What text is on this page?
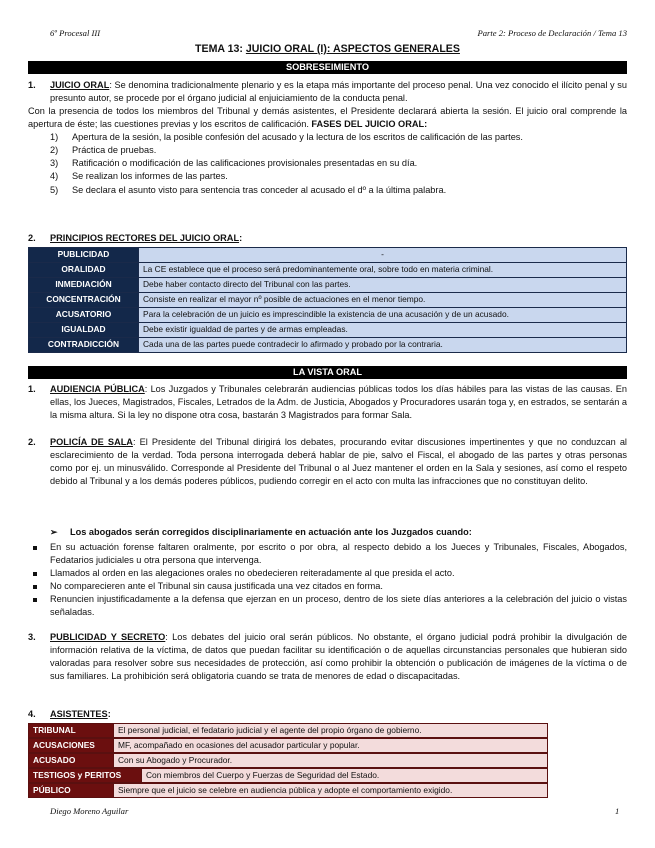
6º Procesal III	Parte 2: Proceso de Declaración / Tema 13
TEMA 13: JUICIO ORAL (I): ASPECTOS GENERALES
SOBRESEIMIENTO
1.	JUICIO ORAL: Se denomina tradicionalmente plenario y es la etapa más importante del proceso penal. Una vez conocido el ilícito penal y su presunto autor, se procede por el órgano judicial al enjuiciamiento de la conducta penal.
Con la presencia de todos los miembros del Tribunal y demás asistentes, el Presidente declarará abierta la sesión. El juicio oral comprende la apertura de éste; las cuestiones previas y los escritos de calificación. FASES DEL JUICIO ORAL:
1) Apertura de la sesión, la posible confesión del acusado y la lectura de los escritos de calificación de las partes.
2) Práctica de pruebas.
3) Ratificación o modificación de las calificaciones provisionales presentadas en su día.
4) Se realizan los informes de las partes.
5) Se declara el asunto visto para sentencia tras conceder al acusado el dº a la última palabra.
2.	PRINCIPIOS RECTORES DEL JUICIO ORAL:
PUBLICIDAD	-
ORALIDAD	La CE establece que el proceso será predominantemente oral, sobre todo en materia criminal.
INMEDIACIÓN	Debe haber contacto directo del Tribunal con las partes.
CONCENTRACIÓN	Consiste en realizar el mayor nº posible de actuaciones en el menor tiempo.
ACUSATORIO	Para la celebración de un juicio es imprescindible la existencia de una acusación y de un acusado.
IGUALDAD	Debe existir igualdad de partes y de armas empleadas.
CONTRADICCIÓN	Cada una de las partes puede contradecir lo afirmado y probado por la contraria.
LA VISTA ORAL
1.	AUDIENCIA PÚBLICA: Los Juzgados y Tribunales celebrarán audiencias públicas todos los días hábiles para las vistas de las causas. En ellas, los Jueces, Magistrados, Fiscales, Letrados de la Adm. de Justicia, Abogados y Procuradores usarán toga y, en estrados, se sentarán a la misma altura. Si la ley no dispone otra cosa, bastarán 3 Magistrados para formar Sala.
2.	POLICÍA DE SALA: El Presidente del Tribunal dirigirá los debates, procurando evitar discusiones impertinentes y que no conduzcan al esclarecimiento de la verdad. Toda persona interrogada deberá hablar de pie, salvo el Fiscal, el abogado de las partes y otras personas como por ej. un minusválido. Corresponde al Presidente del Tribunal o al Juez mantener el orden en la Sala y sesiones, así como el respeto debido al Tribunal y a los demás poderes públicos, pudiendo corregir en el acto con multa las infracciones que no constituyan delito.
➢ Los abogados serán corregidos disciplinariamente en actuación ante los Juzgados cuando:
En su actuación forense faltaren oralmente, por escrito o por obra, al respecto debido a los Jueces y Tribunales, Fiscales, Abogados, Fedatarios judiciales u otra persona que intervenga.
Llamados al orden en las alegaciones orales no obedecieren reiteradamente al que presida el acto.
No comparecieren ante el Tribunal sin causa justificada una vez citados en forma.
Renuncien injustificadamente a la defensa que ejerzan en un proceso, dentro de los siete días anteriores a la celebración del juicio o vistas señaladas.
3.	PUBLICIDAD Y SECRETO: Los debates del juicio oral serán públicos. No obstante, el órgano judicial podrá prohibir la divulgación de información relativa de la víctima, de datos que puedan facilitar su identificación o de aquellas circunstancias personales que hubieran sido valoradas para resolver sobre sus necesidades de protección, así como prohibir la obtención o publicación de imágenes de la víctima o de sus familiares. La prohibición será obligatoria cuando se trata de menores de edad o discapacitadas.
4.	ASISTENTES:
TRIBUNAL	El personal judicial, el fedatario judicial y el agente del propio órgano de gobierno.
ACUSACIONES	MF, acompañado en ocasiones del acusador particular y popular.
ACUSADO	Con su Abogado y Procurador.
TESTIGOS y PERITOS	Con miembros del Cuerpo y Fuerzas de Seguridad del Estado.
PÚBLICO	Siempre que el juicio se celebre en audiencia pública y adopte el comportamiento exigido.
Diego Moreno Aguilar	1
